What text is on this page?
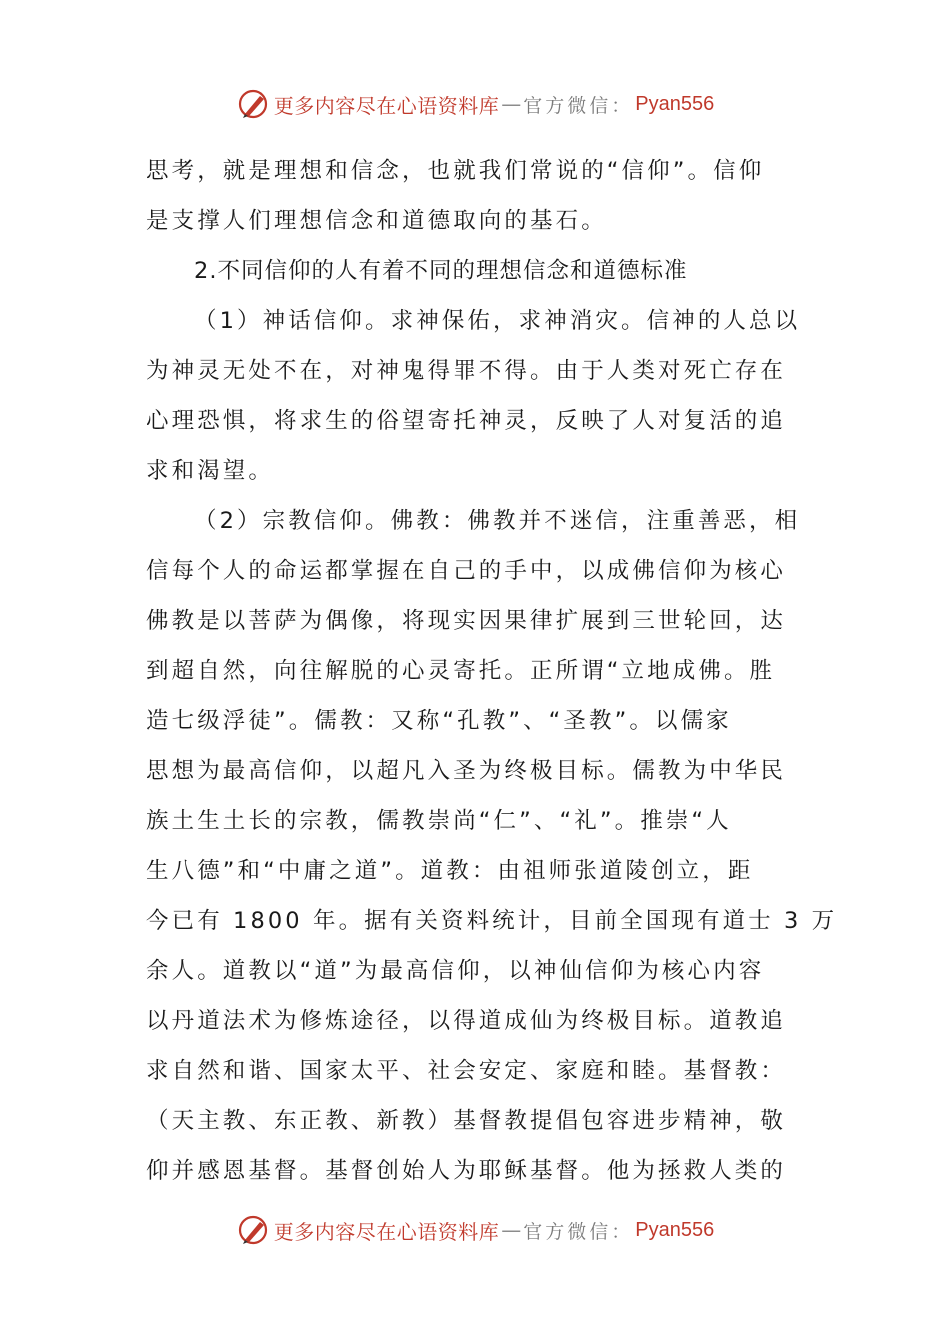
更多内容尽在心语资料库 — 官方微信： Pyan556
思考，就是理想和信念，也就我们常说的“信仰”。信仰
是支撑人们理想信念和道德取向的基石。
2.不同信仰的人有着不同的理想信念和道德标准
（1）神话信仰。求神保佑，求神消灾。信神的人总以
为神灵无处不在，对神鬼得罪不得。由于人类对死亡存在
心理恐惧，将求生的俗望寄托神灵，反映了人对复活的追
求和渴望。
（2）宗教信仰。佛教：佛教并不迷信，注重善恶，相
信每个人的命运都掌握在自己的手中，以成佛信仰为核心
佛教是以菩萨为偶像，将现实因果律扩展到三世轮回，达
到超自然，向往解脱的心灵寄托。正所谓“立地成佛。胜
造七级浮徒”。儒教：又称“孔教”、“圣教”。以儒家
思想为最高信仰，以超凡入圣为终极目标。儒教为中华民
族土生土长的宗教，儒教崇尚“仁”、“礼”。推崇“人
生八德”和“中庸之道”。道教：由祖师张道陵创立，距
今已有 1800 年。据有关资料统计，目前全国现有道士 3 万
余人。道教以“道”为最高信仰，以神仙信仰为核心内容
以丹道法术为修炼途径，以得道成仙为终极目标。道教追
求自然和谐、国家太平、社会安定、家庭和睦。基督教：
（天主教、东正教、新教）基督教提倡包容进步精神，敬
仰并感恩基督。基督创始人为耶稣基督。他为拯救人类的
更多内容尽在心语资料库 — 官方微信： Pyan556
